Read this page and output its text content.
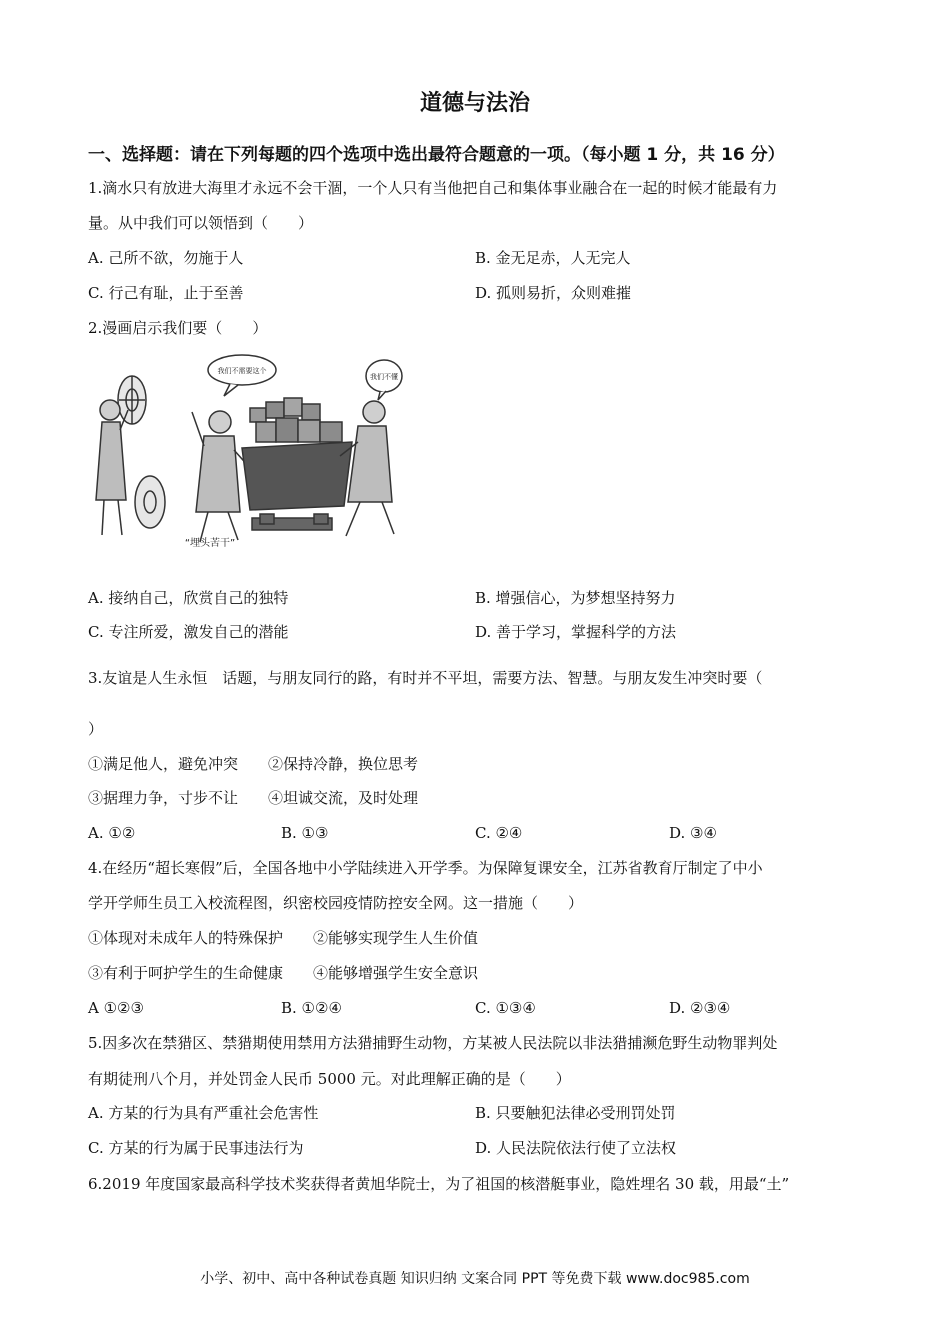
道德与法治
一、选择题：请在下列每题的四个选项中选出最符合题意的一项。（每小题 1 分，共 16 分）
1.滴水只有放进大海里才永远不会干涸，一个人只有当他把自己和集体事业融合在一起的时候才能最有力
量。从中我们可以领悟到（　　）
A. 己所不欲，勿施于人	B. 金无足赤，人无完人
C. 行己有耻，止于至善	D. 孤则易折，众则难摧
2.漫画启示我们要（　　）
我们不需要这个
我们不懂
“埋头苦干”
A. 接纳自己，欣赏自己的独特	B. 增强信心，为梦想坚持努力
C. 专注所爱，激发自己的潜能	D. 善于学习，掌握科学的方法
3.友谊是人生永恒　话题，与朋友同行的路，有时并不平坦，需要方法、智慧。与朋友发生冲突时要（
）
①满足他人，避免冲突　　②保持冷静，换位思考
③据理力争，寸步不让　　④坦诚交流，及时处理
A. ①②	B. ①③	C. ②④	D. ③④
4.在经历“超长寒假”后，全国各地中小学陆续进入开学季。为保障复课安全，江苏省教育厅制定了中小
学开学师生员工入校流程图，织密校园疫情防控安全网。这一措施（　　）
①体现对未成年人的特殊保护　　②能够实现学生人生价值
③有利于呵护学生的生命健康　　④能够增强学生安全意识
A ①②③	B. ①②④	C. ①③④	D. ②③④
5.因多次在禁猎区、禁猎期使用禁用方法猎捕野生动物，方某被人民法院以非法猎捕濒危野生动物罪判处
有期徒刑八个月，并处罚金人民币 5000 元。对此理解正确的是（　　）
A. 方某的行为具有严重社会危害性	B. 只要触犯法律必受刑罚处罚
C. 方某的行为属于民事违法行为	D. 人民法院依法行使了立法权
6.2019 年度国家最高科学技术奖获得者黄旭华院士，为了祖国的核潜艇事业，隐姓埋名 30 载，用最“土”
小学、初中、高中各种试卷真题 知识归纳 文案合同 PPT 等免费下载 www.doc985.com
